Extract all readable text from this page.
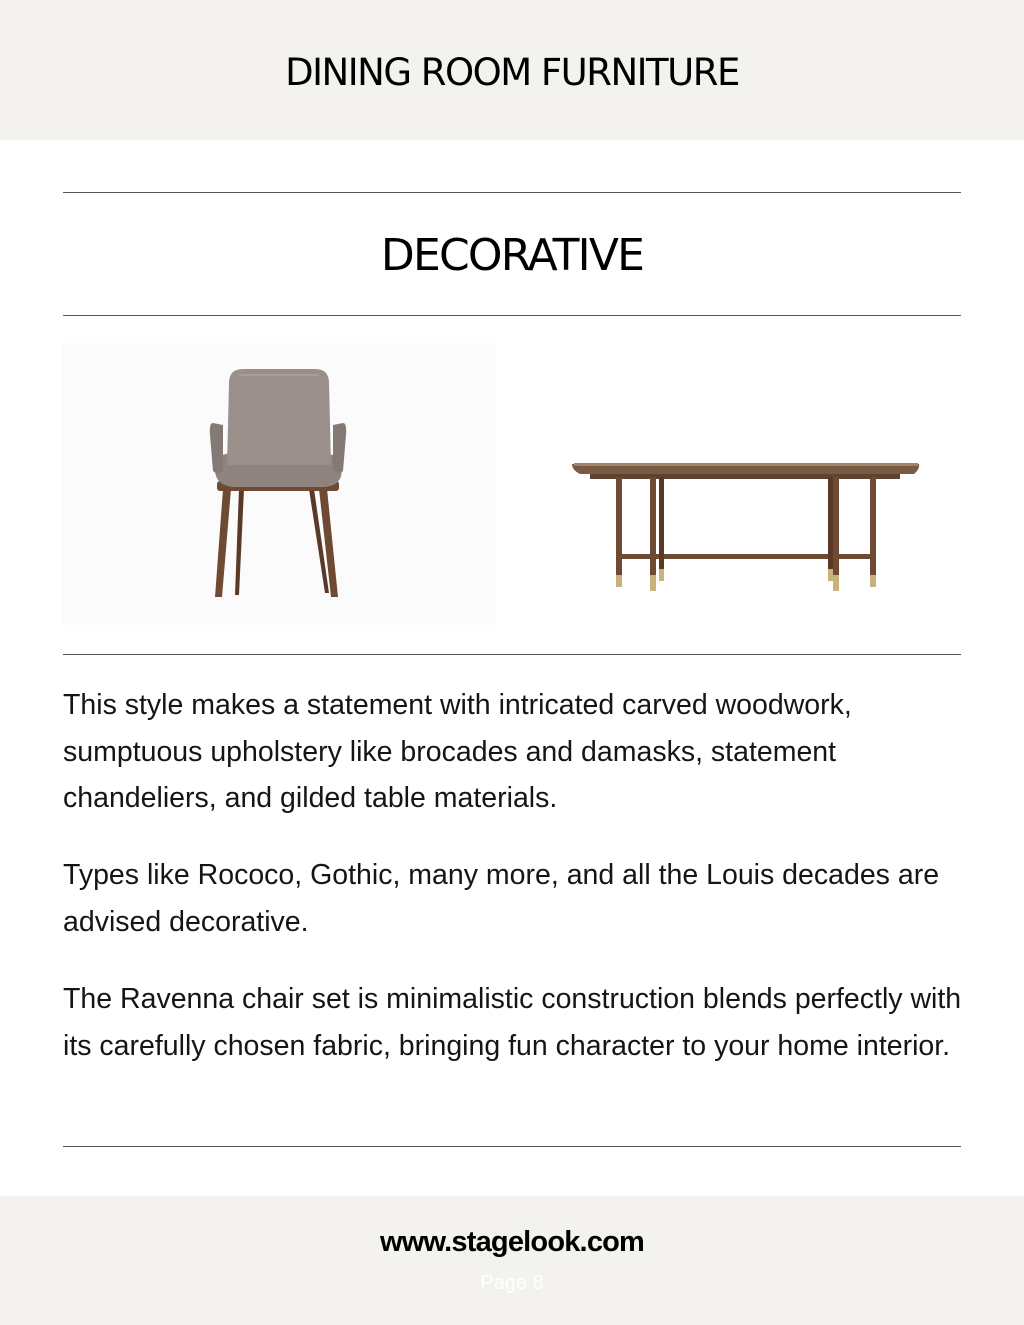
DINING ROOM FURNITURE
DECORATIVE

This style makes a statement with intricated carved woodwork, sumptuous upholstery like brocades and damasks, statement chandeliers, and gilded table materials.

Types like Rococo, Gothic, many more, and all the Louis decades are advised decorative.

The Ravenna chair set is minimalistic construction blends perfectly with its carefully chosen fabric, bringing fun character to your home interior.

www.stagelook.com
Page 8
